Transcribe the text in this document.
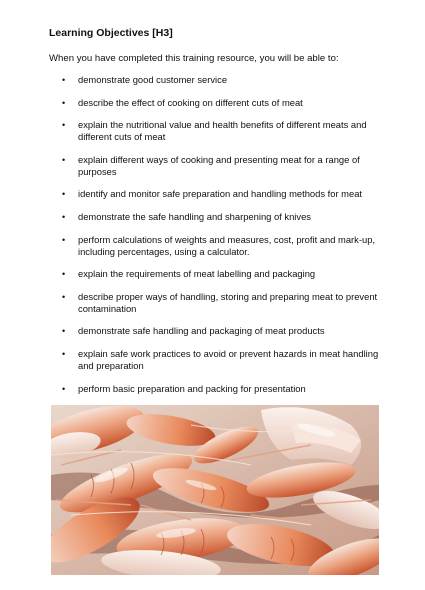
Learning Objectives [H3]
When you have completed this training resource, you will be able to:
• demonstrate good customer service
• describe the effect of cooking on different cuts of meat
• explain the nutritional value and health benefits of different meats and different cuts of meat
• explain different ways of cooking and presenting meat for a range of purposes
• identify and monitor safe preparation and handling methods for meat
• demonstrate the safe handling and sharpening of knives
• perform calculations of weights and measures, cost, profit and mark-up, including percentages, using a calculator.
• explain the requirements of meat labelling and packaging
• describe proper ways of handling, storing and preparing meat to prevent contamination
• demonstrate safe handling and packaging of meat products
• explain safe work practices to avoid or prevent hazards in meat handling and preparation
• perform basic preparation and packing for presentation
